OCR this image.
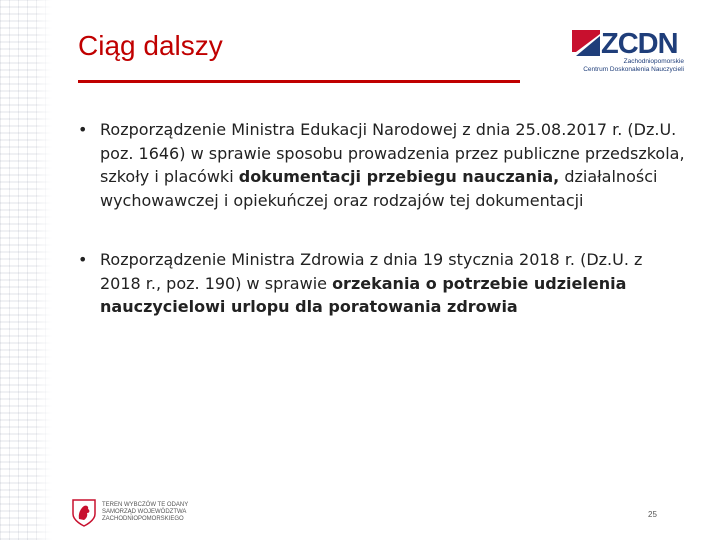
Ciąg dalszy	ZCDN
Zachodniopomorskie
Centrum Doskonalenia Nauczycieli
• Rozporządzenie Ministra Edukacji Narodowej z dnia 25.08.2017 r. (Dz.U. poz. 1646) w sprawie sposobu prowadzenia przez publiczne przedszkola, szkoły i placówki dokumentacji przebiegu nauczania, działalności wychowawczej i opiekuńczej oraz rodzajów tej dokumentacji
• Rozporządzenie Ministra Zdrowia z dnia 19 stycznia 2018 r. (Dz.U. z 2018 r., poz. 190) w sprawie orzekania o potrzebie udzielenia nauczycielowi urlopu dla poratowania zdrowia
TEREN WYBCZÓW TE ODANY
SAMORZĄD WOJEWÓDZTWA
ZACHODNIOPOMORSKIEGO	25
